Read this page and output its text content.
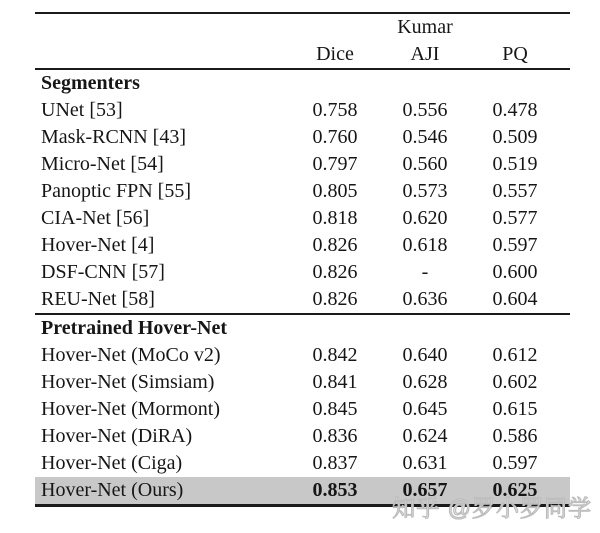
Kumar
Dice	AJI	PQ
Segmenters
UNet [53]	0.758	0.556	0.478
Mask-RCNN [43]	0.760	0.546	0.509
Micro-Net [54]	0.797	0.560	0.519
Panoptic FPN [55]	0.805	0.573	0.557
CIA-Net [56]	0.818	0.620	0.577
Hover-Net [4]	0.826	0.618	0.597
DSF-CNN [57]	0.826	-	0.600
REU-Net [58]	0.826	0.636	0.604
Pretrained Hover-Net
Hover-Net (MoCo v2)	0.842	0.640	0.612
Hover-Net (Simsiam)	0.841	0.628	0.602
Hover-Net (Mormont)	0.845	0.645	0.615
Hover-Net (DiRA)	0.836	0.624	0.586
Hover-Net (Ciga)	0.837	0.631	0.597
Hover-Net (Ours)	0.853	0.657	0.625
知乎 @罗小罗同学
